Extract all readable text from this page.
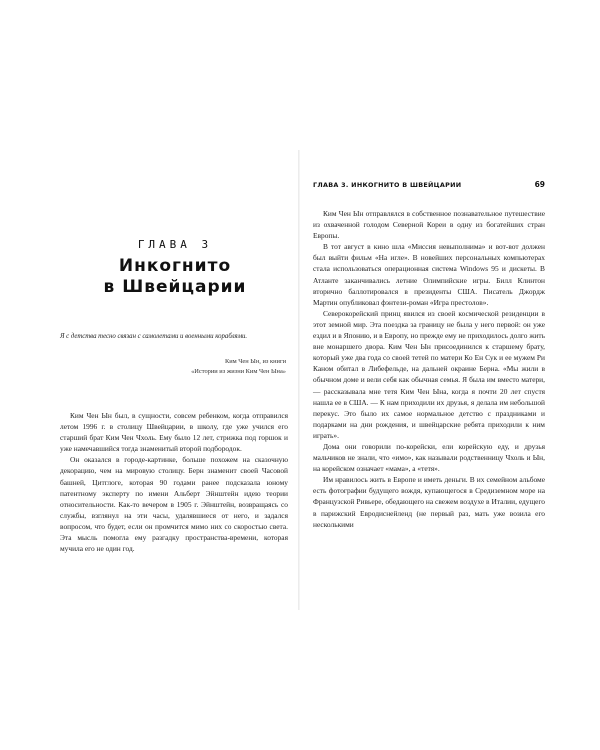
ГЛАВА 3
Инкогнито
в Швейцарии
Я с детства тесно связан с самолетами и военными кораблями.
Ким Чен Ын, из книги
«Истории из жизни Ким Чен Ына»

Ким Чен Ын был, в сущности, совсем ребенком, когда отправился летом 1996 г. в столицу Швейцарии, в школу, где уже учился его старший брат Ким Чен Чхоль. Ему было 12 лет, стрижка под горшок и уже намечавшийся тогда знаменитый второй подбородок.

Он оказался в городе-картинке, больше похожем на сказочную декорацию, чем на мировую столицу. Берн знаменит своей Часовой башней, Цитглоге, которая 90 годами ранее подсказала юному патентному эксперту по имени Альберт Эйнштейн идею теории относительности. Как-то вечером в 1905 г. Эйнштейн, возвращаясь со службы, взглянул на эти часы, удалявшиеся от него, и задался вопросом, что будет, если он промчится мимо них со скоростью света. Эта мысль помогла ему разгадку пространства-времени, которая мучила его не один год.

ГЛАВА 3. ИНКОГНИТО В ШВЕЙЦАРИИ	69

Ким Чен Ын отправлялся в собственное познавательное путешествие из охваченной голодом Северной Кореи в одну из богатейших стран Европы.

В тот август в кино шла «Миссия невыполнима» и вот-вот должен был выйти фильм «На игле». В новейших персональных компьютерах стала использоваться операционная система Windows 95 и дискеты. В Атланте заканчивались летние Олимпийские игры. Билл Клинтон вторично баллотировался в президенты США. Писатель Джордж Мартин опубликовал фэнтези-роман «Игра престолов».

Северокорейский принц явился из своей космической резиденции в этот земной мир. Эта поездка за границу не была у него первой: он уже ездил и в Японию, и в Европу, но прежде ему не приходилось долго жить вне монаршего двора. Ким Чен Ын присоединился к старшему брату, который уже два года со своей тетей по матери Ко Ен Сук и ее мужем Ри Каном обитал в Либефельде, на дальней окраине Берна. «Мы жили в обычном доме и вели себя как обычная семья. Я была им вместо матери, — рассказывала мне тетя Ким Чен Ына, когда я почти 20 лет спустя нашла ее в США. — К нам приходили их друзья, я делала им небольшой перекус. Это было их самое нормальное детство с праздниками и подарками на дни рождения, и швейцарские ребята приходили к ним играть».

Дома они говорили по-корейски, ели корейскую еду, и друзья мальчиков не знали, что «имо», как называли родственницу Чхоль и Ын, на корейском означает «мама», а «тетя».

Им нравилось жить в Европе и иметь деньги. В их семейном альбоме есть фотографии будущего вождя, купающегося в Средиземном море на Французской Ривьере, обедающего на свежем воздухе в Италии, едущего в парижский Евродиснейленд (не первый раз, мать уже возила его несколькими
